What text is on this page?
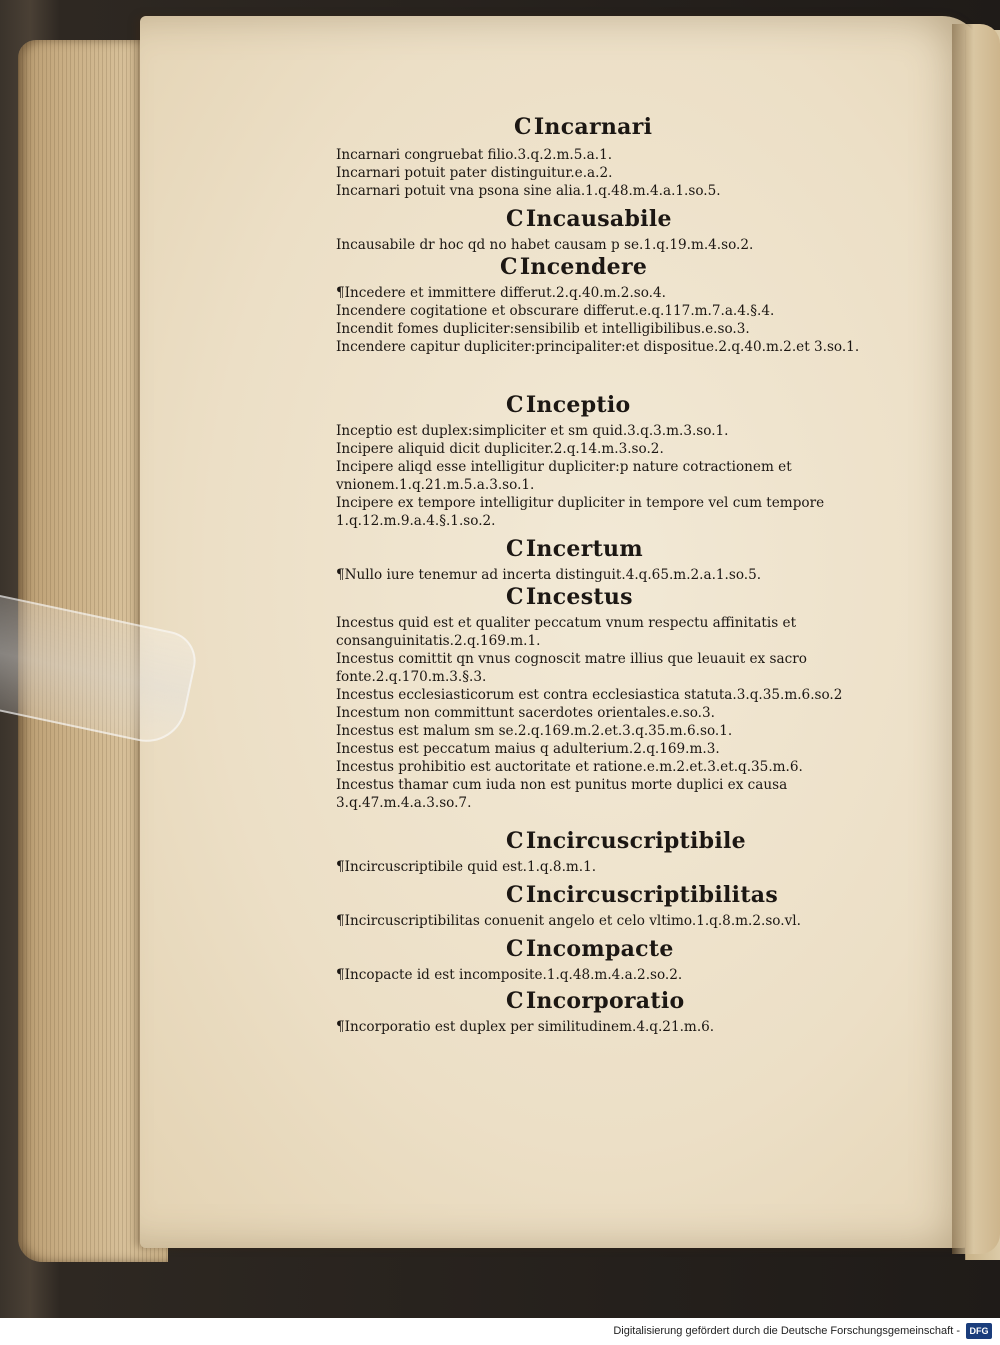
CIncarnari
Incarnari congruebat filio.3.q.2.m.5.a.1.
Incarnari potuit pater distinguitur.e.a.2.
Incarnari potuit vna psona sine alia.1.q.48.m.4.a.1.so.5.
CIncausabile
Incausabile dr hoc qd no habet causam p se.1.q.19.m.4.so.2.
CIncendere
¶Incedere et immittere differut.2.q.40.m.2.so.4.
Incendere cogitatione et obscurare differut.e.q.117.m.7.a.4.§.4.
Incendit fomes dupliciter:sensibilib et intelligibilibus.e.so.3.
Incendere capitur dupliciter:principaliter:et dispositue.2.q.40.m.2.et 3.so.1.
CInceptio
Inceptio est duplex:simpliciter et sm quid.3.q.3.m.3.so.1.
Incipere aliquid dicit dupliciter.2.q.14.m.3.so.2.
Incipere aliqd esse intelligitur dupliciter:p nature cotractionem et vnionem.1.q.21.m.5.a.3.so.1.
Incipere ex tempore intelligitur dupliciter in tempore vel cum tempore 1.q.12.m.9.a.4.§.1.so.2.
CIncertum
¶Nullo iure tenemur ad incerta distinguit.4.q.65.m.2.a.1.so.5.
CIncestus
Incestus quid est et qualiter peccatum vnum respectu affinitatis et consanguinitatis.2.q.169.m.1.
Incestus comittit qn vnus cognoscit matre illius que leuauit ex sacro fonte.2.q.170.m.3.§.3.
Incestus ecclesiasticorum est contra ecclesiastica statuta.3.q.35.m.6.so.2
Incestum non committunt sacerdotes orientales.e.so.3.
Incestus est malum sm se.2.q.169.m.2.et.3.q.35.m.6.so.1.
Incestus est peccatum maius q adulterium.2.q.169.m.3.
Incestus prohibitio est auctoritate et ratione.e.m.2.et.3.et.q.35.m.6.
Incestus thamar cum iuda non est punitus morte duplici ex causa 3.q.47.m.4.a.3.so.7.
CIncircuscriptibile
¶Incircuscriptibile quid est.1.q.8.m.1.
CIncircuscriptibilitas
¶Incircuscriptibilitas conuenit angelo et celo vltimo.1.q.8.m.2.so.vl.
CIncompacte
¶Incopacte id est incomposite.1.q.48.m.4.a.2.so.2.
CIncorporatio
¶Incorporatio est duplex per similitudinem.4.q.21.m.6.
Digitalisierung gefördert durch die Deutsche Forschungsgemeinschaft -	DFG
